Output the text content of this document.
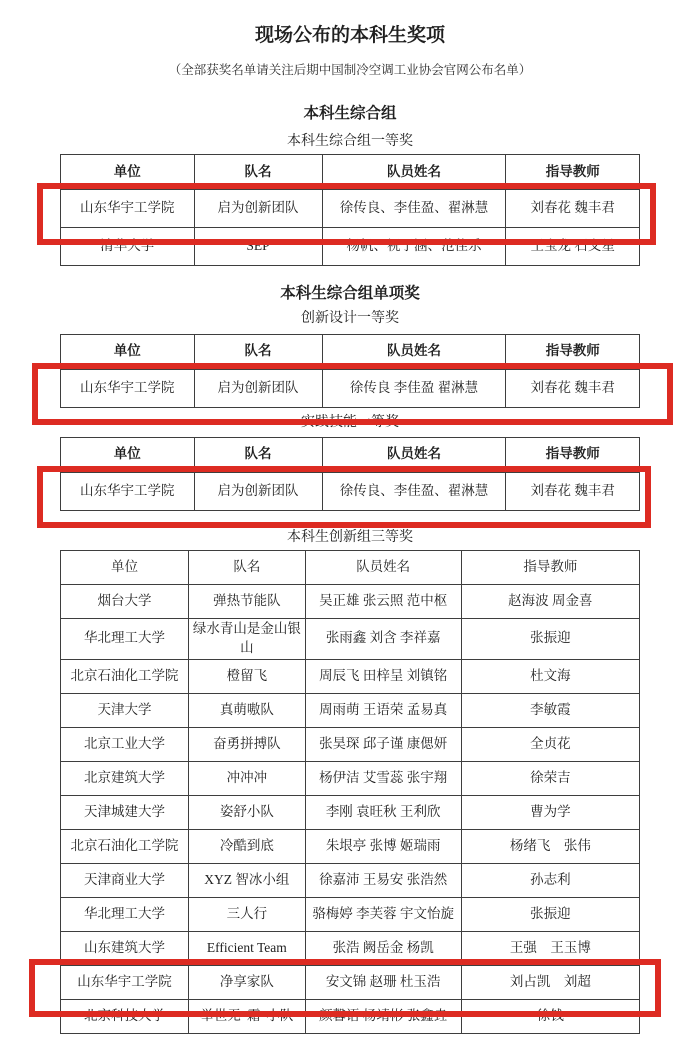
现场公布的本科生奖项
（全部获奖名单请关注后期中国制冷空调工业协会官网公布名单）
本科生综合组
本科生综合组一等奖
单位	队名	队员姓名	指导教师
山东华宇工学院	启为创新团队	徐传良、李佳盈、翟淋慧	刘春花 魏丰君
清华大学	SEP	杨帆、祝子涵、范佳乐	王宝龙 石文星
本科生综合组单项奖
创新设计一等奖
单位	队名	队员姓名	指导教师
山东华宇工学院	启为创新团队	徐传良 李佳盈 翟淋慧	刘春花 魏丰君
实践技能一等奖
单位	队名	队员姓名	指导教师
山东华宇工学院	启为创新团队	徐传良、李佳盈、翟淋慧	刘春花 魏丰君
本科生创新组三等奖
单位	队名	队员姓名	指导教师
烟台大学	弹热节能队	吴正雄 张云照 范中枢	赵海波 周金喜
华北理工大学	绿水青山是金山银山	张雨鑫 刘含 李祥嘉	张振迎
北京石油化工学院	橙留飞	周辰飞 田梓呈 刘镇铭	杜文海
天津大学	真萌嗷队	周雨萌 王语荣 孟易真	李敏霞
北京工业大学	奋勇拼搏队	张昊琛 邱子谨 康偲妍	全贞花
北京建筑大学	冲冲冲	杨伊洁 艾雪蕊 张宇翔	徐荣吉
天津城建大学	姿舒小队	李刚 袁旺秋 王利欣	曹为学
北京石油化工学院	冷酷到底	朱垠亭 张博 姬瑞雨	杨绪飞　张伟
天津商业大学	XYZ 智冰小组	徐嘉沛 王易安 张浩然	孙志利
华北理工大学	三人行	骆梅婷 李芙蓉 宇文怡旋	张振迎
山东建筑大学	Efficient Team	张浩 阙岳金 杨凯	王强　王玉博
山东华宇工学院	净享家队	安文锦 赵珊 杜玉浩	刘占凯　刘超
北京科技大学	举世无“霜”小队	颜馨语 杨靖彬 张鑫垚	徐钱
